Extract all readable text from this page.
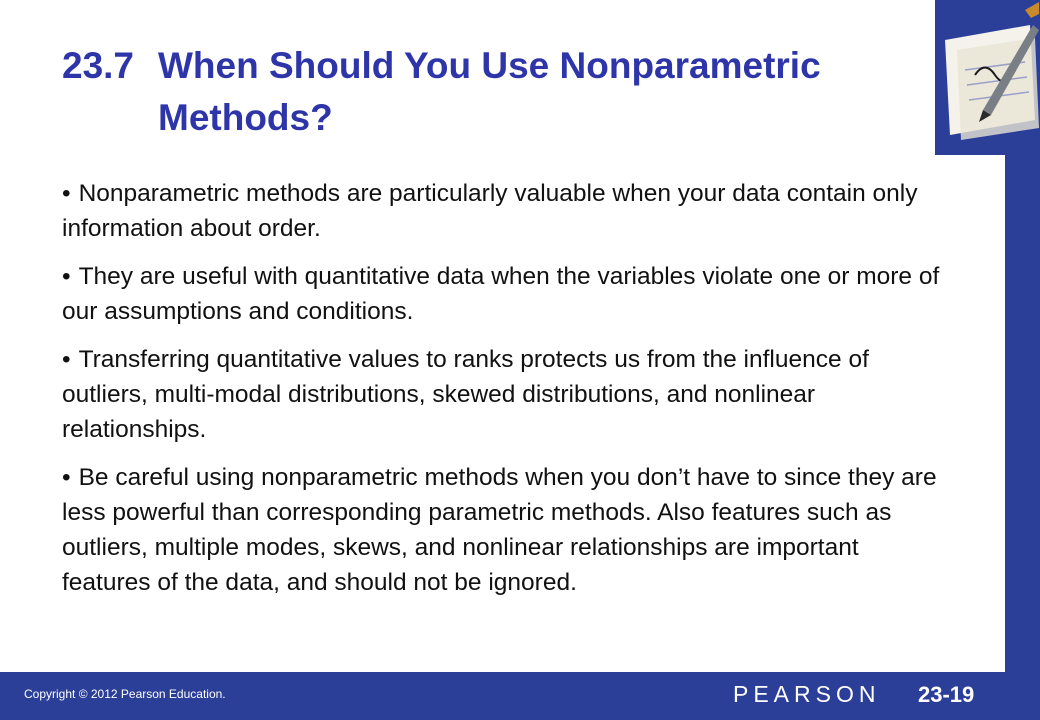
23.7 When Should You Use Nonparametric
Methods?
• Nonparametric methods are particularly valuable when your data contain only information about order.
• They are useful with quantitative data when the variables violate one or more of our assumptions and conditions.
• Transferring quantitative values to ranks protects us from the influence of outliers, multi-modal distributions, skewed distributions, and nonlinear relationships.
• Be careful using nonparametric methods when you don’t have to since they are less powerful than corresponding parametric methods. Also features such as outliers, multiple modes, skews, and nonlinear relationships are important features of the data, and should not be ignored.
Copyright © 2012 Pearson Education.	PEARSON 23-19
